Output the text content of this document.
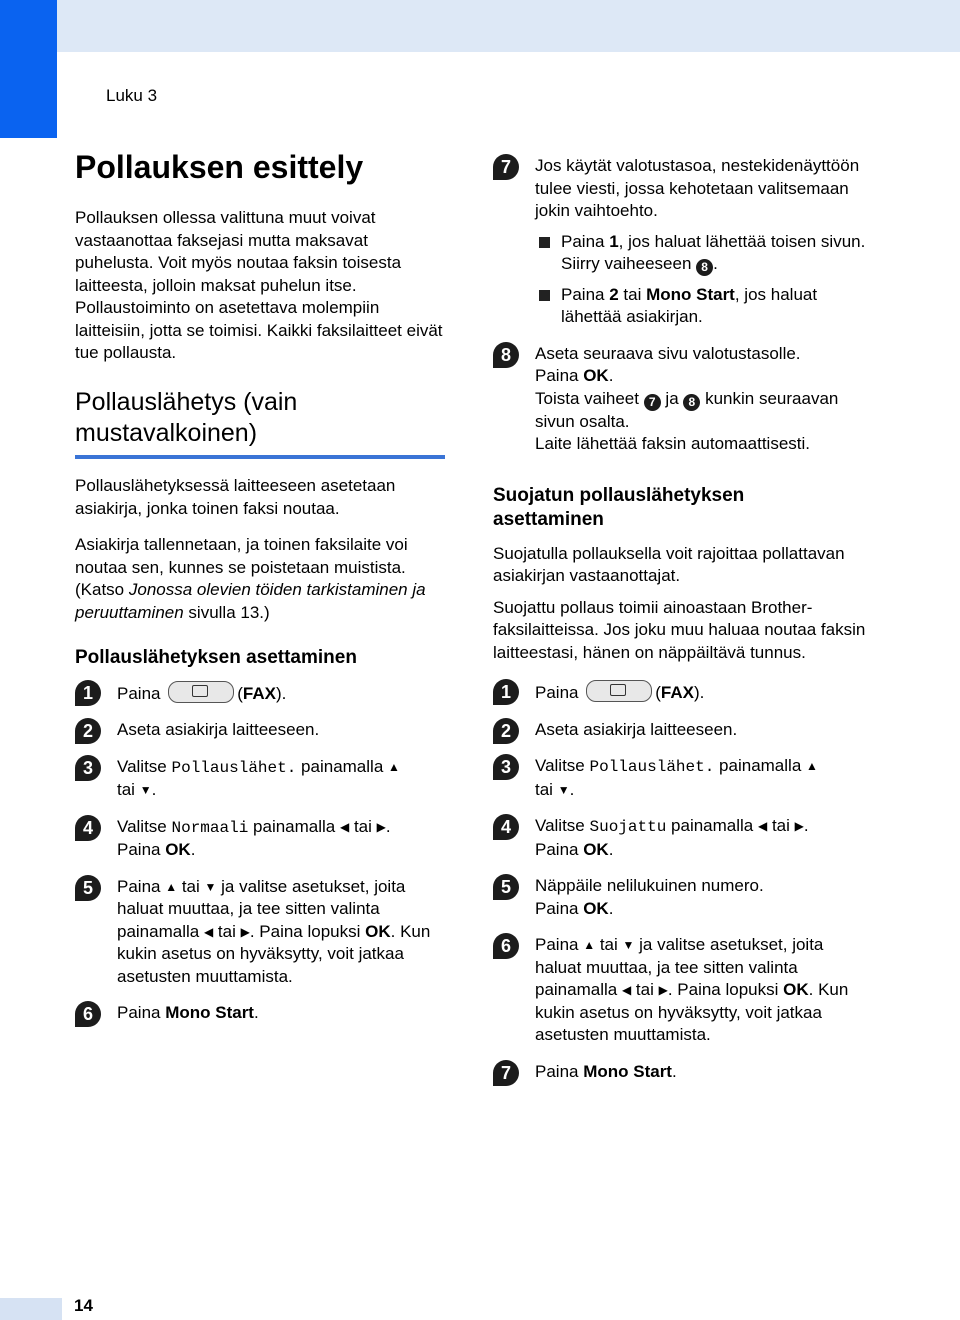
Luku 3
Pollauksen esittely

Pollauksen ollessa valittuna muut voivat vastaanottaa faksejasi mutta maksavat puhelusta. Voit myös noutaa faksin toisesta laitteesta, jolloin maksat puhelun itse. Pollaustoiminto on asetettava molempiin laitteisiin, jotta se toimisi. Kaikki faksilaitteet eivät tue pollausta.

Pollauslähetys (vain mustavalkoinen)

Pollauslähetyksessä laitteeseen asetetaan asiakirja, jonka toinen faksi noutaa.

Asiakirja tallennetaan, ja toinen faksilaite voi noutaa sen, kunnes se poistetaan muistista. (Katso Jonossa olevien töiden tarkistaminen ja peruuttaminen sivulla 13.)

Pollauslähetyksen asettaminen
1	Paina	(FAX).
2	Aseta asiakirja laitteeseen.
3	Valitse Pollauslähet. painamalla ▲
tai ▼.
4	Valitse Normaali painamalla ◀ tai ▶.
Paina OK.
5	Paina ▲ tai ▼ ja valitse asetukset, joita haluat muuttaa, ja tee sitten valinta painamalla ◀ tai ▶. Paina lopuksi OK. Kun kukin asetus on hyväksytty, voit jatkaa asetusten muuttamista.
6	Paina Mono Start.
7	Jos käytät valotustasoa, nestekidenäyttöön tulee viesti, jossa kehotetaan valitsemaan jokin vaihtoehto.
Paina 1, jos haluat lähettää toisen sivun.
Siirry vaiheeseen 8 .
Paina 2 tai Mono Start, jos haluat lähettää asiakirjan.
8	Aseta seuraava sivu valotustasolle.
Paina OK.
Toista vaiheet 7 ja 8 kunkin seuraavan sivun osalta.
Laite lähettää faksin automaattisesti.
Suojatun pollauslähetyksen asettaminen

Suojatulla pollauksella voit rajoittaa pollattavan asiakirjan vastaanottajat.

Suojattu pollaus toimii ainoastaan Brother-faksilaitteissa. Jos joku muu haluaa noutaa faksin laitteestasi, hänen on näppäiltävä tunnus.

1	Paina	(FAX).
2	Aseta asiakirja laitteeseen.
3	Valitse Pollauslähet. painamalla ▲
tai ▼.
4	Valitse Suojattu painamalla ◀ tai ▶.
Paina OK.
5	Näppäile nelilukuinen numero.
Paina OK.
6	Paina ▲ tai ▼ ja valitse asetukset, joita haluat muuttaa, ja tee sitten valinta painamalla ◀ tai ▶. Paina lopuksi OK. Kun kukin asetus on hyväksytty, voit jatkaa asetusten muuttamista.
7	Paina Mono Start.
14
